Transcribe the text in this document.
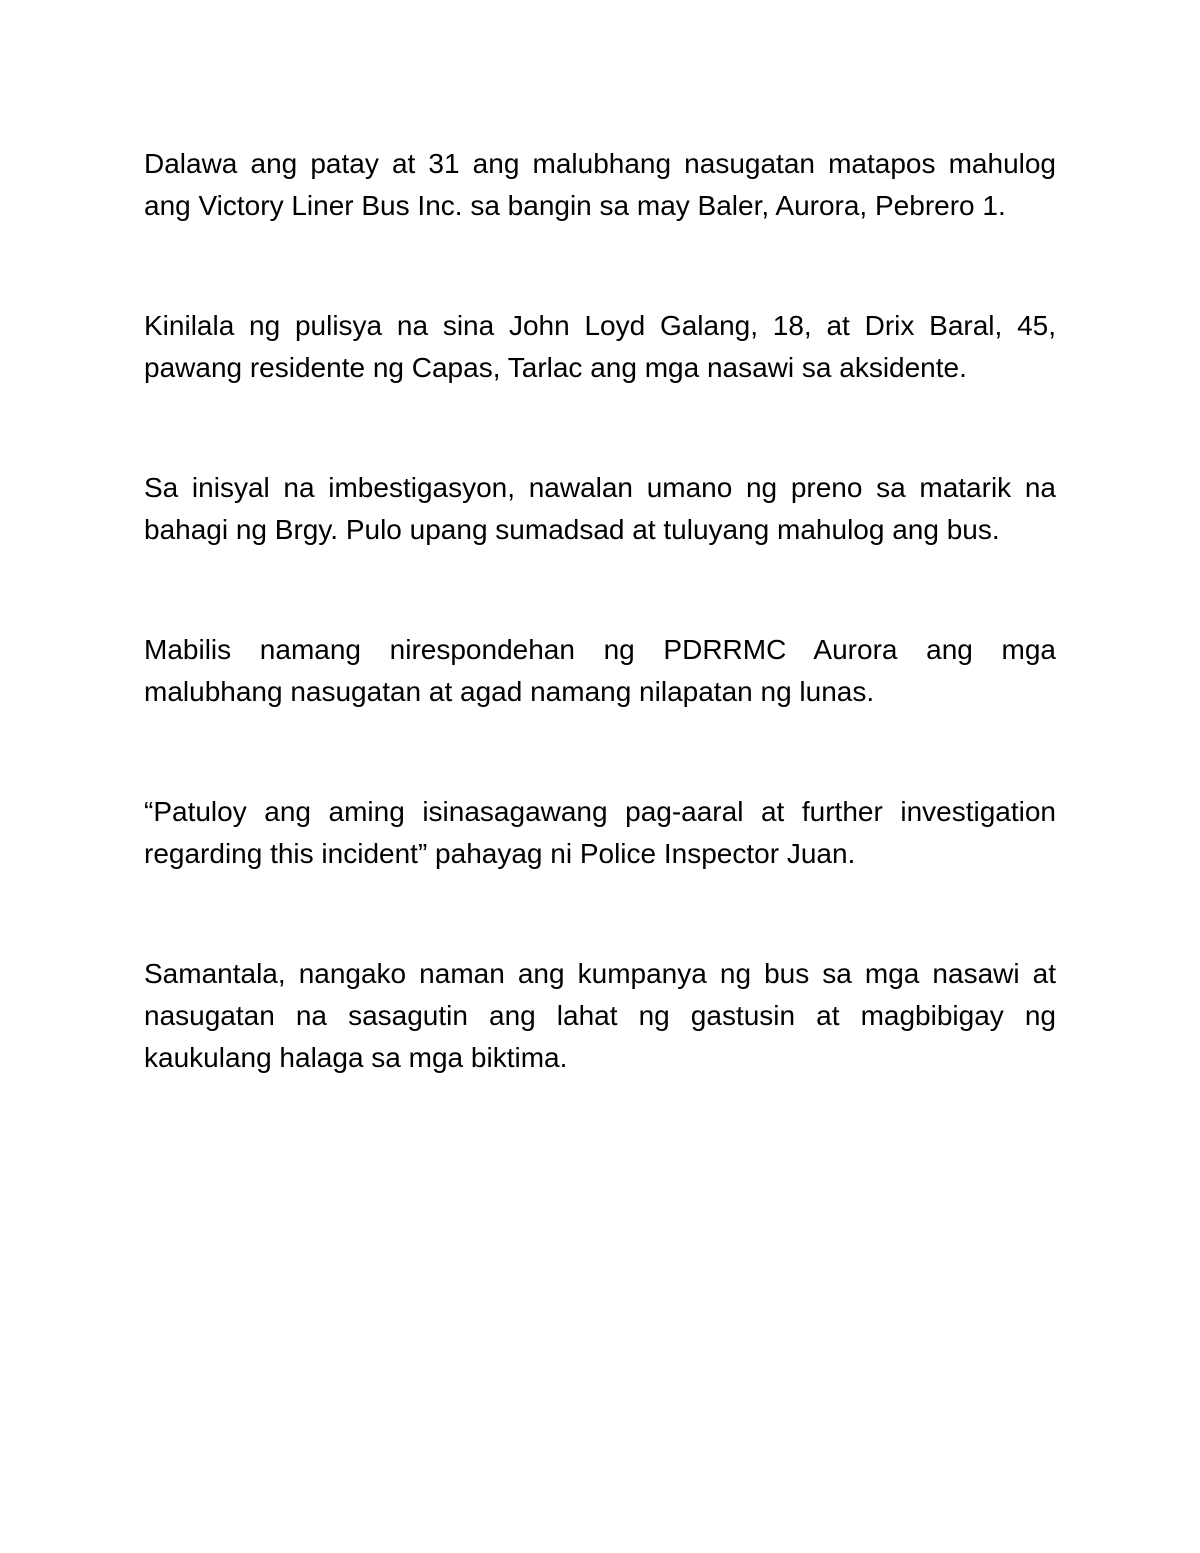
Dalawa ang patay at 31 ang malubhang nasugatan matapos mahulog ang Victory Liner Bus Inc. sa bangin sa may Baler, Aurora, Pebrero 1.

Kinilala ng pulisya na sina John Loyd Galang, 18, at Drix Baral, 45, pawang residente ng Capas, Tarlac ang mga nasawi sa aksidente.

Sa inisyal na imbestigasyon, nawalan umano ng preno sa matarik na bahagi ng Brgy. Pulo upang sumadsad at tuluyang mahulog ang bus.

Mabilis namang nirespondehan ng PDRRMC Aurora ang mga malubhang nasugatan at agad namang nilapatan ng lunas.

“Patuloy ang aming isinasagawang pag-aaral at further investigation regarding this incident” pahayag ni Police Inspector Juan.

Samantala, nangako naman ang kumpanya ng bus sa mga nasawi at nasugatan na sasagutin ang lahat ng gastusin at magbibigay ng kaukulang halaga sa mga biktima.
